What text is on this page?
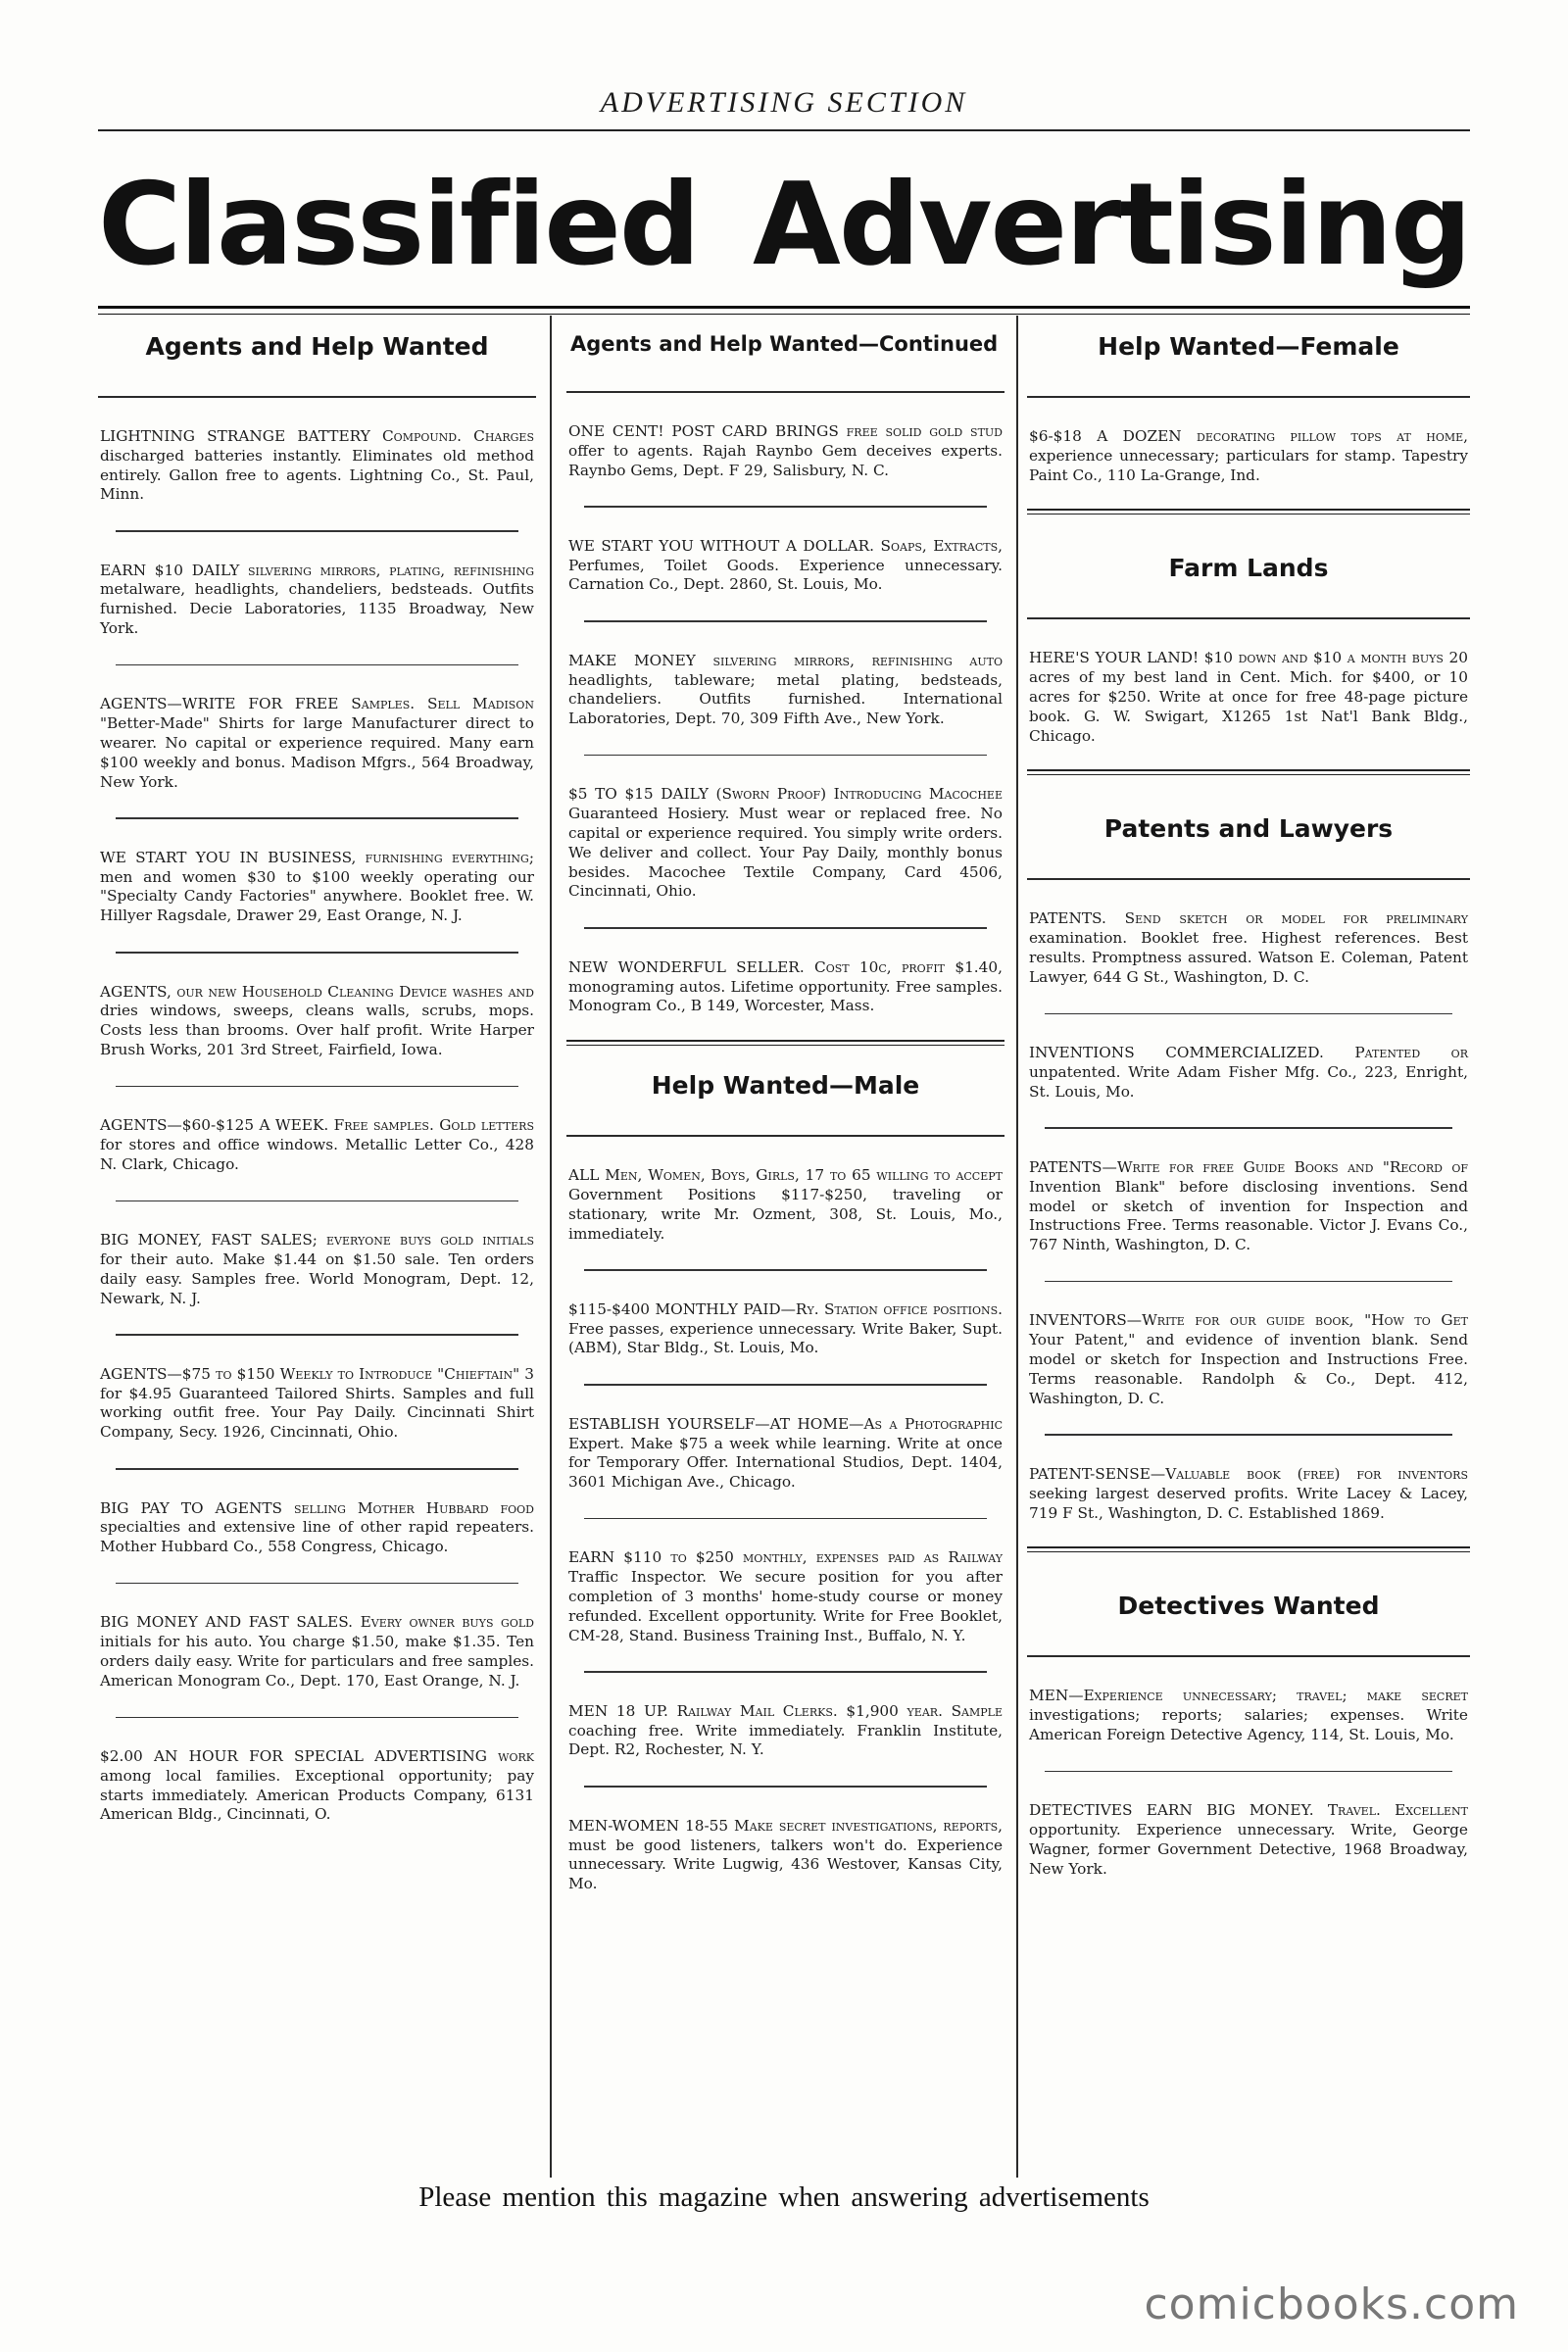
ADVERTISING SECTION
Classified Advertising
Agents and Help Wanted

LIGHTNING STRANGE BATTERY Compound. Charges discharged batteries instantly. Eliminates old method entirely. Gallon free to agents. Lightning Co., St. Paul, Minn.

EARN $10 DAILY silvering mirrors, plating, refinishing metalware, headlights, chandeliers, bedsteads. Outfits furnished. Decie Laboratories, 1135 Broadway, New York.

AGENTS—WRITE FOR FREE Samples. Sell Madison "Better-Made" Shirts for large Manufacturer direct to wearer. No capital or experience required. Many earn $100 weekly and bonus. Madison Mfgrs., 564 Broadway, New York.

WE START YOU IN BUSINESS, furnishing everything; men and women $30 to $100 weekly operating our "Specialty Candy Factories" anywhere. Booklet free. W. Hillyer Ragsdale, Drawer 29, East Orange, N. J.

AGENTS, our new Household Cleaning Device washes and dries windows, sweeps, cleans walls, scrubs, mops. Costs less than brooms. Over half profit. Write Harper Brush Works, 201 3rd Street, Fairfield, Iowa.

AGENTS—$60-$125 A WEEK. Free samples. Gold letters for stores and office windows. Metallic Letter Co., 428 N. Clark, Chicago.

BIG MONEY, FAST SALES; everyone buys gold initials for their auto. Make $1.44 on $1.50 sale. Ten orders daily easy. Samples free. World Monogram, Dept. 12, Newark, N. J.

AGENTS—$75 to $150 Weekly to Introduce "Chieftain" 3 for $4.95 Guaranteed Tailored Shirts. Samples and full working outfit free. Your Pay Daily. Cincinnati Shirt Company, Secy. 1926, Cincinnati, Ohio.

BIG PAY TO AGENTS selling Mother Hubbard food specialties and extensive line of other rapid repeaters. Mother Hubbard Co., 558 Congress, Chicago.

BIG MONEY AND FAST SALES. Every owner buys gold initials for his auto. You charge $1.50, make $1.35. Ten orders daily easy. Write for particulars and free samples. American Monogram Co., Dept. 170, East Orange, N. J.

$2.00 AN HOUR FOR SPECIAL ADVERTISING work among local families. Exceptional opportunity; pay starts immediately. American Products Company, 6131 American Bldg., Cincinnati, O.

Agents and Help Wanted—Continued

ONE CENT! POST CARD BRINGS free solid gold stud offer to agents. Rajah Raynbo Gem deceives experts. Raynbo Gems, Dept. F 29, Salisbury, N. C.

WE START YOU WITHOUT A DOLLAR. Soaps, Extracts, Perfumes, Toilet Goods. Experience unnecessary. Carnation Co., Dept. 2860, St. Louis, Mo.

MAKE MONEY silvering mirrors, refinishing auto headlights, tableware; metal plating, bedsteads, chandeliers. Outfits furnished. International Laboratories, Dept. 70, 309 Fifth Ave., New York.

$5 TO $15 DAILY (Sworn Proof) Introducing Macochee Guaranteed Hosiery. Must wear or replaced free. No capital or experience required. You simply write orders. We deliver and collect. Your Pay Daily, monthly bonus besides. Macochee Textile Company, Card 4506, Cincinnati, Ohio.

NEW WONDERFUL SELLER. Cost 10c, profit $1.40, monograming autos. Lifetime opportunity. Free samples. Monogram Co., B 149, Worcester, Mass.

Help Wanted—Male

ALL Men, Women, Boys, Girls, 17 to 65 willing to accept Government Positions $117-$250, traveling or stationary, write Mr. Ozment, 308, St. Louis, Mo., immediately.

$115-$400 MONTHLY PAID—Ry. Station office positions. Free passes, experience unnecessary. Write Baker, Supt. (ABM), Star Bldg., St. Louis, Mo.

ESTABLISH YOURSELF—AT HOME—As a Photographic Expert. Make $75 a week while learning. Write at once for Temporary Offer. International Studios, Dept. 1404, 3601 Michigan Ave., Chicago.

EARN $110 to $250 monthly, expenses paid as Railway Traffic Inspector. We secure position for you after completion of 3 months' home-study course or money refunded. Excellent opportunity. Write for Free Booklet, CM-28, Stand. Business Training Inst., Buffalo, N. Y.

MEN 18 UP. Railway Mail Clerks. $1,900 year. Sample coaching free. Write immediately. Franklin Institute, Dept. R2, Rochester, N. Y.

MEN-WOMEN 18-55 Make secret investigations, reports, must be good listeners, talkers won't do. Experience unnecessary. Write Lugwig, 436 Westover, Kansas City, Mo.

Help Wanted—Female

$6-$18 A DOZEN decorating pillow tops at home, experience unnecessary; particulars for stamp. Tapestry Paint Co., 110 La-Grange, Ind.

Farm Lands

HERE'S YOUR LAND! $10 down and $10 a month buys 20 acres of my best land in Cent. Mich. for $400, or 10 acres for $250. Write at once for free 48-page picture book. G. W. Swigart, X1265 1st Nat'l Bank Bldg., Chicago.

Patents and Lawyers

PATENTS. Send sketch or model for preliminary examination. Booklet free. Highest references. Best results. Promptness assured. Watson E. Coleman, Patent Lawyer, 644 G St., Washington, D. C.

INVENTIONS COMMERCIALIZED. Patented or unpatented. Write Adam Fisher Mfg. Co., 223, Enright, St. Louis, Mo.

PATENTS—Write for free Guide Books and "Record of Invention Blank" before disclosing inventions. Send model or sketch of invention for Inspection and Instructions Free. Terms reasonable. Victor J. Evans Co., 767 Ninth, Washington, D. C.

INVENTORS—Write for our guide book, "How to Get Your Patent," and evidence of invention blank. Send model or sketch for Inspection and Instructions Free. Terms reasonable. Randolph & Co., Dept. 412, Washington, D. C.

PATENT-SENSE—Valuable book (free) for inventors seeking largest deserved profits. Write Lacey & Lacey, 719 F St., Washington, D. C. Established 1869.

Detectives Wanted

MEN—Experience unnecessary; travel; make secret investigations; reports; salaries; expenses. Write American Foreign Detective Agency, 114, St. Louis, Mo.

DETECTIVES EARN BIG MONEY. Travel. Excellent opportunity. Experience unnecessary. Write, George Wagner, former Government Detective, 1968 Broadway, New York.

Please mention this magazine when answering advertisements
comicbooks.com
